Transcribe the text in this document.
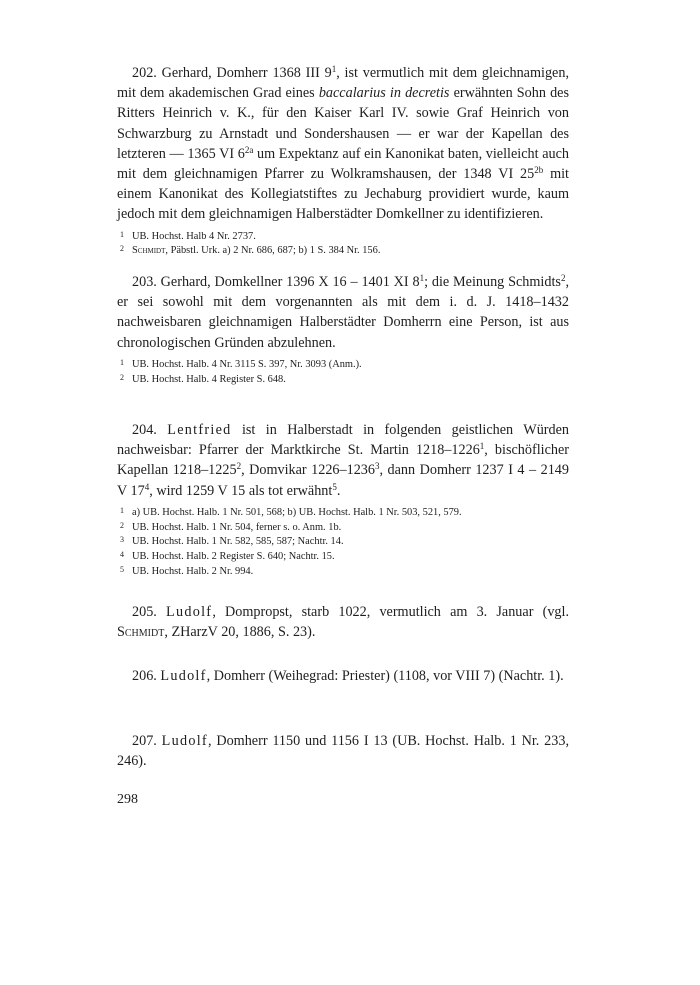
202. Gerhard, Domherr 1368 III $9^1$, ist vermutlich mit dem gleichnamigen, mit dem akademischen Grad eines baccalarius in decretis erwähnten Sohn des Ritters Heinrich v. K., für den Kaiser Karl IV. sowie Graf Heinrich von Schwarzburg zu Arnstadt und Sondershausen — er war der Kapellan des letzteren — 1365 VI $6^{2a}$ um Expektanz auf ein Kanonikat baten, vielleicht auch mit dem gleichnamigen Pfarrer zu Wolkramshausen, der 1348 VI $25^{2b}$ mit einem Kanonikat des Kollegiatstiftes zu Jechaburg providiert wurde, kaum jedoch mit dem gleichnamigen Halberstädter Domkellner zu identifizieren.

1 UB. Hochst. Halb 4 Nr. 2737.
2 Schmidt, Päbstl. Urk. a) 2 Nr. 686, 687; b) 1 S. 384 Nr. 156.

203. Gerhard, Domkellner 1396 X 16 – 1401 XI $8^1$; die Meinung Schmidts$^2$, er sei sowohl mit dem vorgenannten als mit dem i. d. J. 1418–1432 nachweisbaren gleichnamigen Halberstädter Domherrn eine Person, ist aus chronologischen Gründen abzulehnen.

1 UB. Hochst. Halb. 4 Nr. 3115 S. 397, Nr. 3093 (Anm.).
2 UB. Hochst. Halb. 4 Register S. 648.

204. Lentfried ist in Halberstadt in folgenden geistlichen Würden nachweisbar: Pfarrer der Marktkirche St. Martin 1218–1226$^1$, bischöflicher Kapellan 1218–1225$^2$, Domvikar 1226–1236$^3$, dann Domherr 1237 I 4 – 2149 V $17^4$, wird 1259 V 15 als tot erwähnt$^5$.

1 a) UB. Hochst. Halb. 1 Nr. 501, 568; b) UB. Hochst. Halb. 1 Nr. 503, 521, 579.
2 UB. Hochst. Halb. 1 Nr. 504, ferner s. o. Anm. 1b.
3 UB. Hochst. Halb. 1 Nr. 582, 585, 587; Nachtr. 14.
4 UB. Hochst. Halb. 2 Register S. 640; Nachtr. 15.
5 UB. Hochst. Halb. 2 Nr. 994.

205. Ludolf, Dompropst, starb 1022, vermutlich am 3. Januar (vgl. Schmidt, ZHarzV 20, 1886, S. 23).

206. Ludolf, Domherr (Weihegrad: Priester) (1108, vor VIII 7) (Nachtr. 1).

207. Ludolf, Domherr 1150 und 1156 I 13 (UB. Hochst. Halb. 1 Nr. 233, 246).

298
